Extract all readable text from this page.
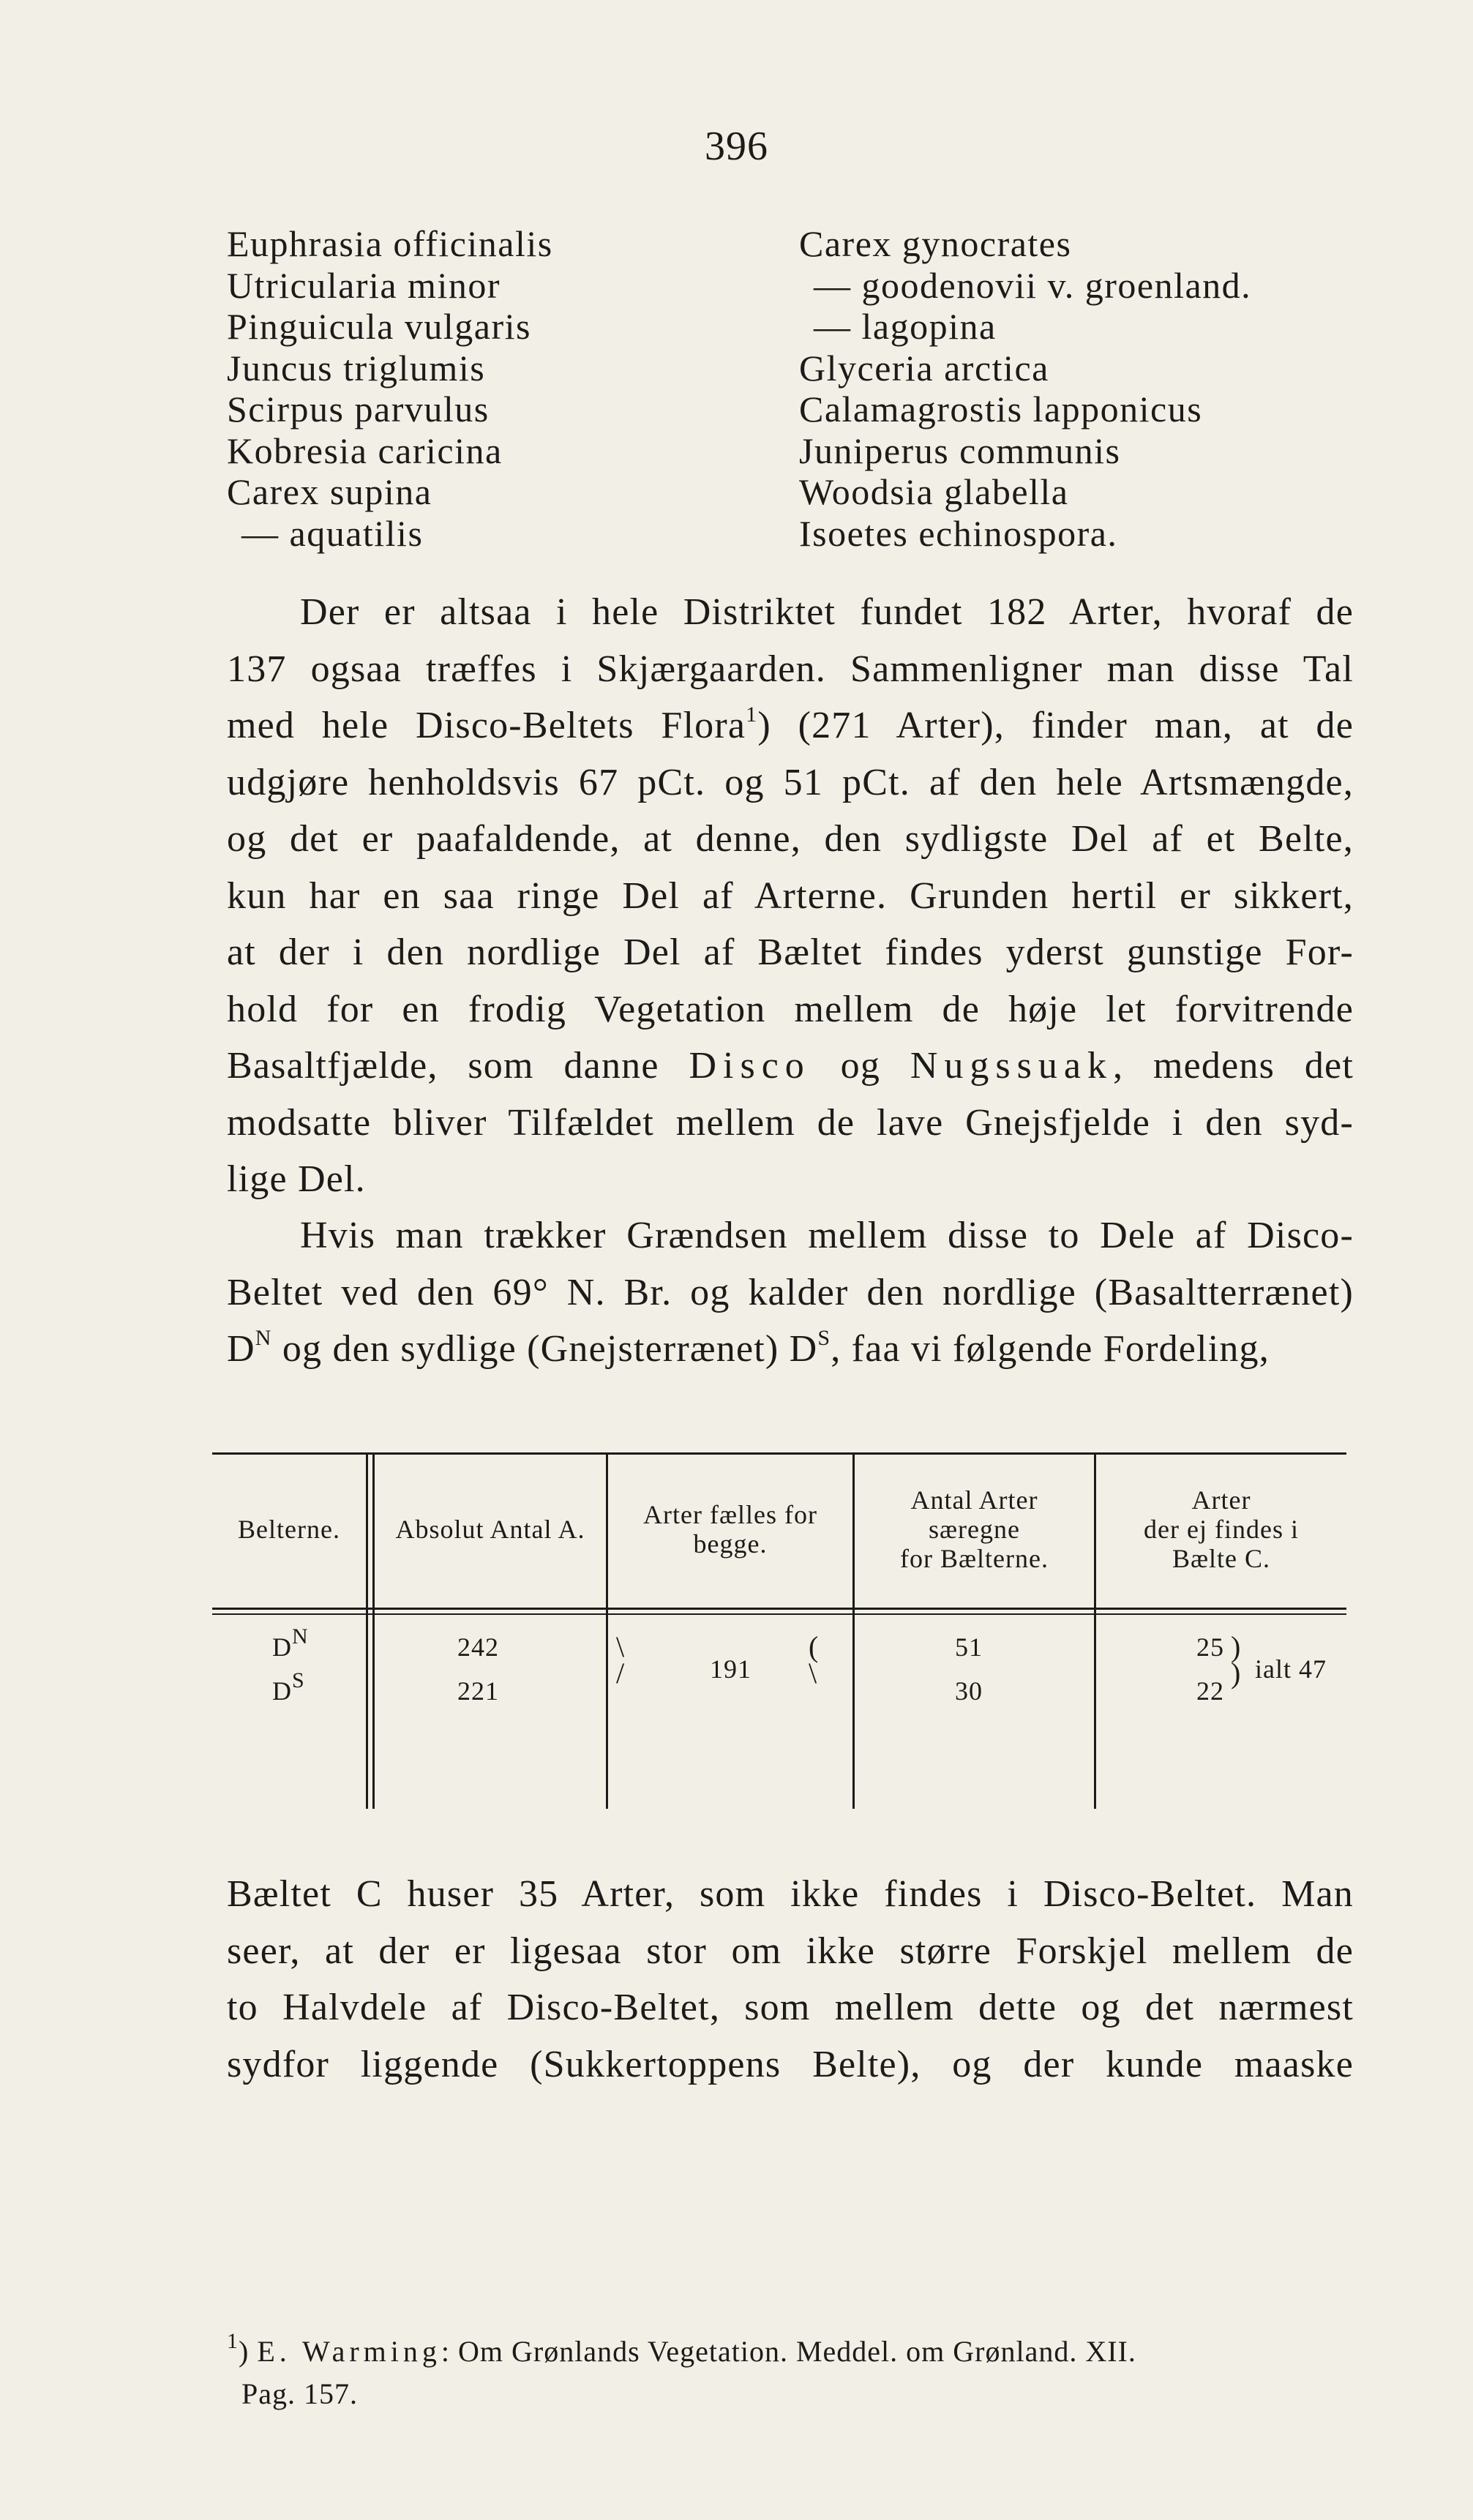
396
Euphrasia officinalis
Utricularia minor
Pinguicula vulgaris
Juncus triglumis
Scirpus parvulus
Kobresia caricina
Carex supina
— aquatilis
Carex gynocrates
— goodenovii v. groenland.
— lagopina
Glyceria arctica
Calamagrostis lapponicus
Juniperus communis
Woodsia glabella
Isoetes echinospora.
Der er altsaa i hele Distriktet fundet 182 Arter, hvoraf de
137 ogsaa træffes i Skjærgaarden. Sammenligner man disse Tal
med hele Disco-Beltets Flora$^1$) (271 Arter), finder man, at de
udgjøre henholdsvis 67 pCt. og 51 pCt. af den hele Artsmængde,
og det er paafaldende, at denne, den sydligste Del af et Belte,
kun har en saa ringe Del af Arterne. Grunden hertil er sikkert,
at der i den nordlige Del af Bæltet findes yderst gunstige For-
hold for en frodig Vegetation mellem de høje let forvitrende
Basaltfjælde, som danne Disco og Nugssuak, medens det
modsatte bliver Tilfældet mellem de lave Gnejsfjelde i den syd-
lige Del.
Hvis man trækker Grændsen mellem disse to Dele af Disco-
Beltet ved den 69° N. Br. og kalder den nordlige (Basaltterrænet)
$D^N$ og den sydlige (Gnejsterrænet) $D^S$, faa vi følgende Fordeling,
Belterne. Absolut Antal A. Arter fælles for
begge.
Antal Arter
særegne
for Bælterne.
Arter
der ej findes i
Bælte C.
$D^N$
$D^S$
242
221
\
/	191
(
\
51
30
25
22
)
) ialt 47
Bæltet C huser 35 Arter, som ikke findes i Disco-Beltet. Man
seer, at der er ligesaa stor om ikke større Forskjel mellem de
to Halvdele af Disco-Beltet, som mellem dette og det nærmest
sydfor liggende (Sukkertoppens Belte), og der kunde maaske
$^1$) E. Warming: Om Grønlands Vegetation. Meddel. om Grønland. XII.
Pag. 157.
